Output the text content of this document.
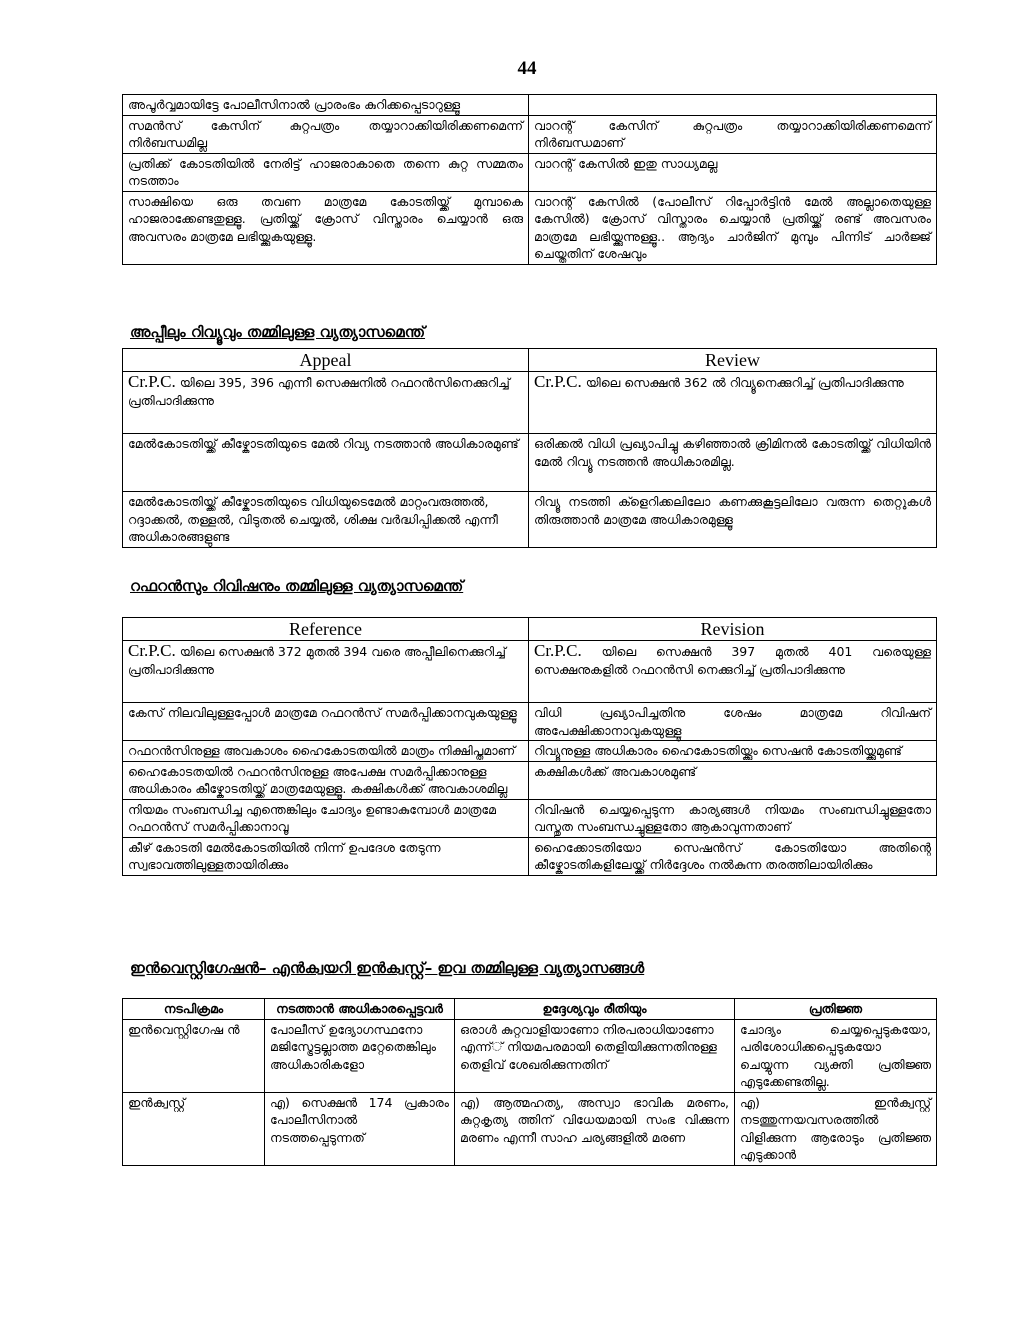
44
അപൂർവ്വമായിട്ടേ പോലീസിനാൽ പ്രാരംഭം കുറിക്കപ്പെടാറുള്ളൂ	
സമൻസ് കേസിന് കുറ്റപത്രം തയ്യാറാക്കിയിരിക്കണമെന്ന് നിർബന്ധമില്ല	വാറന്റ് കേസിന് കുറ്റപത്രം തയ്യാറാക്കിയിരിക്കണമെന്ന് നിർബന്ധമാണ്
പ്രതിക്ക് കോടതിയിൽ നേരിട്ട് ഹാജരാകാതെ തന്നെ കുറ്റ സമ്മതം നടത്താം	വാറന്റ് കേസിൽ ഇതു സാധ്യമല്ല
സാക്ഷിയെ ഒരു തവണ മാത്രമേ കോടതിയ്ക്ക് മുമ്പാകെ ഹാജരാക്കേണ്ടതുള്ളൂ. പ്രതിയ്ക്ക് ക്രോസ് വിസ്താരം ചെയ്യാൻ ഒരു അവസരം മാത്രമേ ലഭിയ്ക്കുകയുള്ളൂ.	വാറന്റ് കേസിൽ (പോലീസ് റിപ്പോർട്ടിൻ മേൽ അല്ലാതെയുള്ള കേസിൽ) ക്രോസ് വിസ്താരം ചെയ്യാൻ പ്രതിയ്ക്ക് രണ്ട് അവസരം മാത്രമേ ലഭിയ്ക്കുന്നുള്ളൂ.. ആദ്യം ചാർജിന് മുമ്പും പിന്നിട് ചാർജ്ജ് ചെയ്തതിന് ശേഷവും
അപ്പീലും റിവ്യൂവും തമ്മിലുള്ള വ്യത്യാസമെന്ത്
Appeal	Review
Cr.P.C. യിലെ 395, 396 എന്നീ സെക്ഷനിൽ റഫറൻസിനെക്കുറിച്ച് പ്രതിപാദിക്കുന്നു	Cr.P.C. യിലെ സെക്ഷൻ 362 ൽ റിവ്യൂനെക്കുറിച്ച് പ്രതിപാദിക്കുന്നു
മേൽകോടതിയ്ക്ക് കീഴ്കോടതിയുടെ മേൽ റിവ്യ നടത്താൻ അധികാരമുണ്ട്	ഒരിക്കൽ വിധി പ്രഖ്യാപിച്ചു കഴിഞ്ഞാൽ ക്രിമിനൽ കോടതിയ്ക്ക് വിധിയിൻ മേൽ റിവ്യൂ നടത്തൻ അധികാരമില്ല.
മേൽകോടതിയ്ക്ക് കീഴ്കോടതിയുടെ വിധിയുടെമേൽ മാറ്റംവരുത്തൽ, റദ്ദാക്കൽ, തള്ളൽ, വിടുതൽ ചെയ്യൽ, ശിക്ഷ വർദ്ധിപ്പിക്കൽ എന്നീ അധികാരങ്ങളുണ്ട	റിവ്യൂ നടത്തി ക്ളെറിക്കലിലോ കണക്കുകൂട്ടലിലോ വരുന്ന തെറ്റുകൾ തിരുത്താൻ മാത്രമേ അധികാരമുള്ളൂ
റഫറൻസും റിവിഷനും തമ്മിലുള്ള വ്യത്യാസമെന്ത്
Reference	Revision
Cr.P.C. യിലെ സെക്ഷൻ 372 മുതൽ 394 വരെ അപ്പീലിനെക്കുറിച്ച് പ്രതിപാദിക്കുന്നു	Cr.P.C. യിലെ സെക്ഷൻ 397 മുതൽ 401 വരെയുള്ള സെക്ഷനുകളിൽ റഫറൻസി നെക്കുറിച്ച് പ്രതിപാദിക്കുന്നു
കേസ് നിലവിലുള്ളപ്പോൾ മാത്രമേ റഫറൻസ് സമർപ്പിക്കാനവുകയുള്ളൂ	വിധി പ്രഖ്യാപിച്ചതിനു ശേഷം മാത്രമേ റിവിഷന് അപേക്ഷിക്കാനാവുകയുള്ളൂ
റഫറൻസിനുള്ള അവകാശം ഹൈകോടതയിൽ മാത്രം നിക്ഷിപ്തമാണ്	റിവ്യൂനുള്ള അധികാരം ഹൈകോടതിയ്ക്കും സെഷൻ കോടതിയ്ക്കുമുണ്ട്
ഹൈകോടതയിൽ റഫറൻസിനുള്ള അപേക്ഷ സമർപ്പിക്കാനുള്ള അധികാരം കീഴ്കോടതിയ്ക്ക് മാത്രമേയുള്ളൂ. കക്ഷികൾക്ക് അവകാശമില്ല	കക്ഷികൾക്ക് അവകാശമുണ്ട്
നിയമം സംബന്ധിച്ച എന്തെങ്കിലും ചോദ്യം ഉണ്ടാകുമ്പോൾ മാത്രമേ റഫറൻസ് സമർപ്പിക്കാനാവൂ	റിവിഷൻ ചെയ്യപ്പെടുന്ന കാര്യങ്ങൾ നിയമം സംബന്ധിച്ചുള്ളതോ വസ്തുത സംബന്ധച്ചുള്ളതോ ആകാവുന്നതാണ്
കീഴ് കോടതി മേൽകോടതിയിൽ നിന്ന് ഉപദേശ തേടുന്ന സ്വഭാവത്തിലുള്ളതായിരിക്കും	ഹൈക്കോടതിയോ സെഷൻസ് കോടതിയോ അതിന്റെ കീഴ്കോടതികളിലേയ്ക്ക് നിർദ്ദേശം നൽകുന്ന തരത്തിലായിരിക്കും
ഇൻവെസ്റ്റിഗേഷൻ– എൻക്വയറി ഇൻക്വസ്റ്റ്– ഇവ തമ്മിലുള്ള വ്യത്യാസങ്ങൾ
നടപിക്രമം	നടത്താൻ അധികാരപ്പെട്ടവർ	ഉദ്ദേശ്യവും രീതിയും	പ്രതിജ്ഞ
ഇൻവെസ്റ്റിഗേഷ ൻ	പോലീസ് ഉദ്യോഗസ്ഥനോ മജിസ്ട്രേട്ടല്ലാത്ത മറ്റേതെങ്കിലും അധികാരികളോ	ഒരാൾ കുറ്റവാളിയാണോ നിരപരാധിയാണോ എന്ന്് നിയമപരമായി തെളിയിക്കുന്നതിനുള്ള തെളിവ് ശേഖരിക്കുന്നതിന്	ചോദ്യം ചെയ്യപ്പെടുകയോ, പരിശോധിക്കപ്പെടുകയോ ചെയ്യുന്ന വ്യക്തി പ്രതിജ്ഞ എടുക്കേണ്ടതില്ല.
ഇൻക്വസ്റ്റ്	എ) സെക്ഷൻ 174 പ്രകാരം പോലീസിനാൽ നടത്തപ്പെടുന്നത്	എ) ആത്മഹത്യ, അസ്വാ ഭാവിക മരണം, കുറ്റകൃത്യ ത്തിന് വിധേയമായി സംഭ വിക്കുന്ന മരണം എന്നീ സാഹ ചര്യങ്ങളിൽ മരണ	എ) ഇൻക്വസ്റ്റ് നടത്തുന്നയവസരത്തിൽ വിളിക്കുന്ന ആരോടും പ്രതിജ്ഞ എടുക്കാൻ
